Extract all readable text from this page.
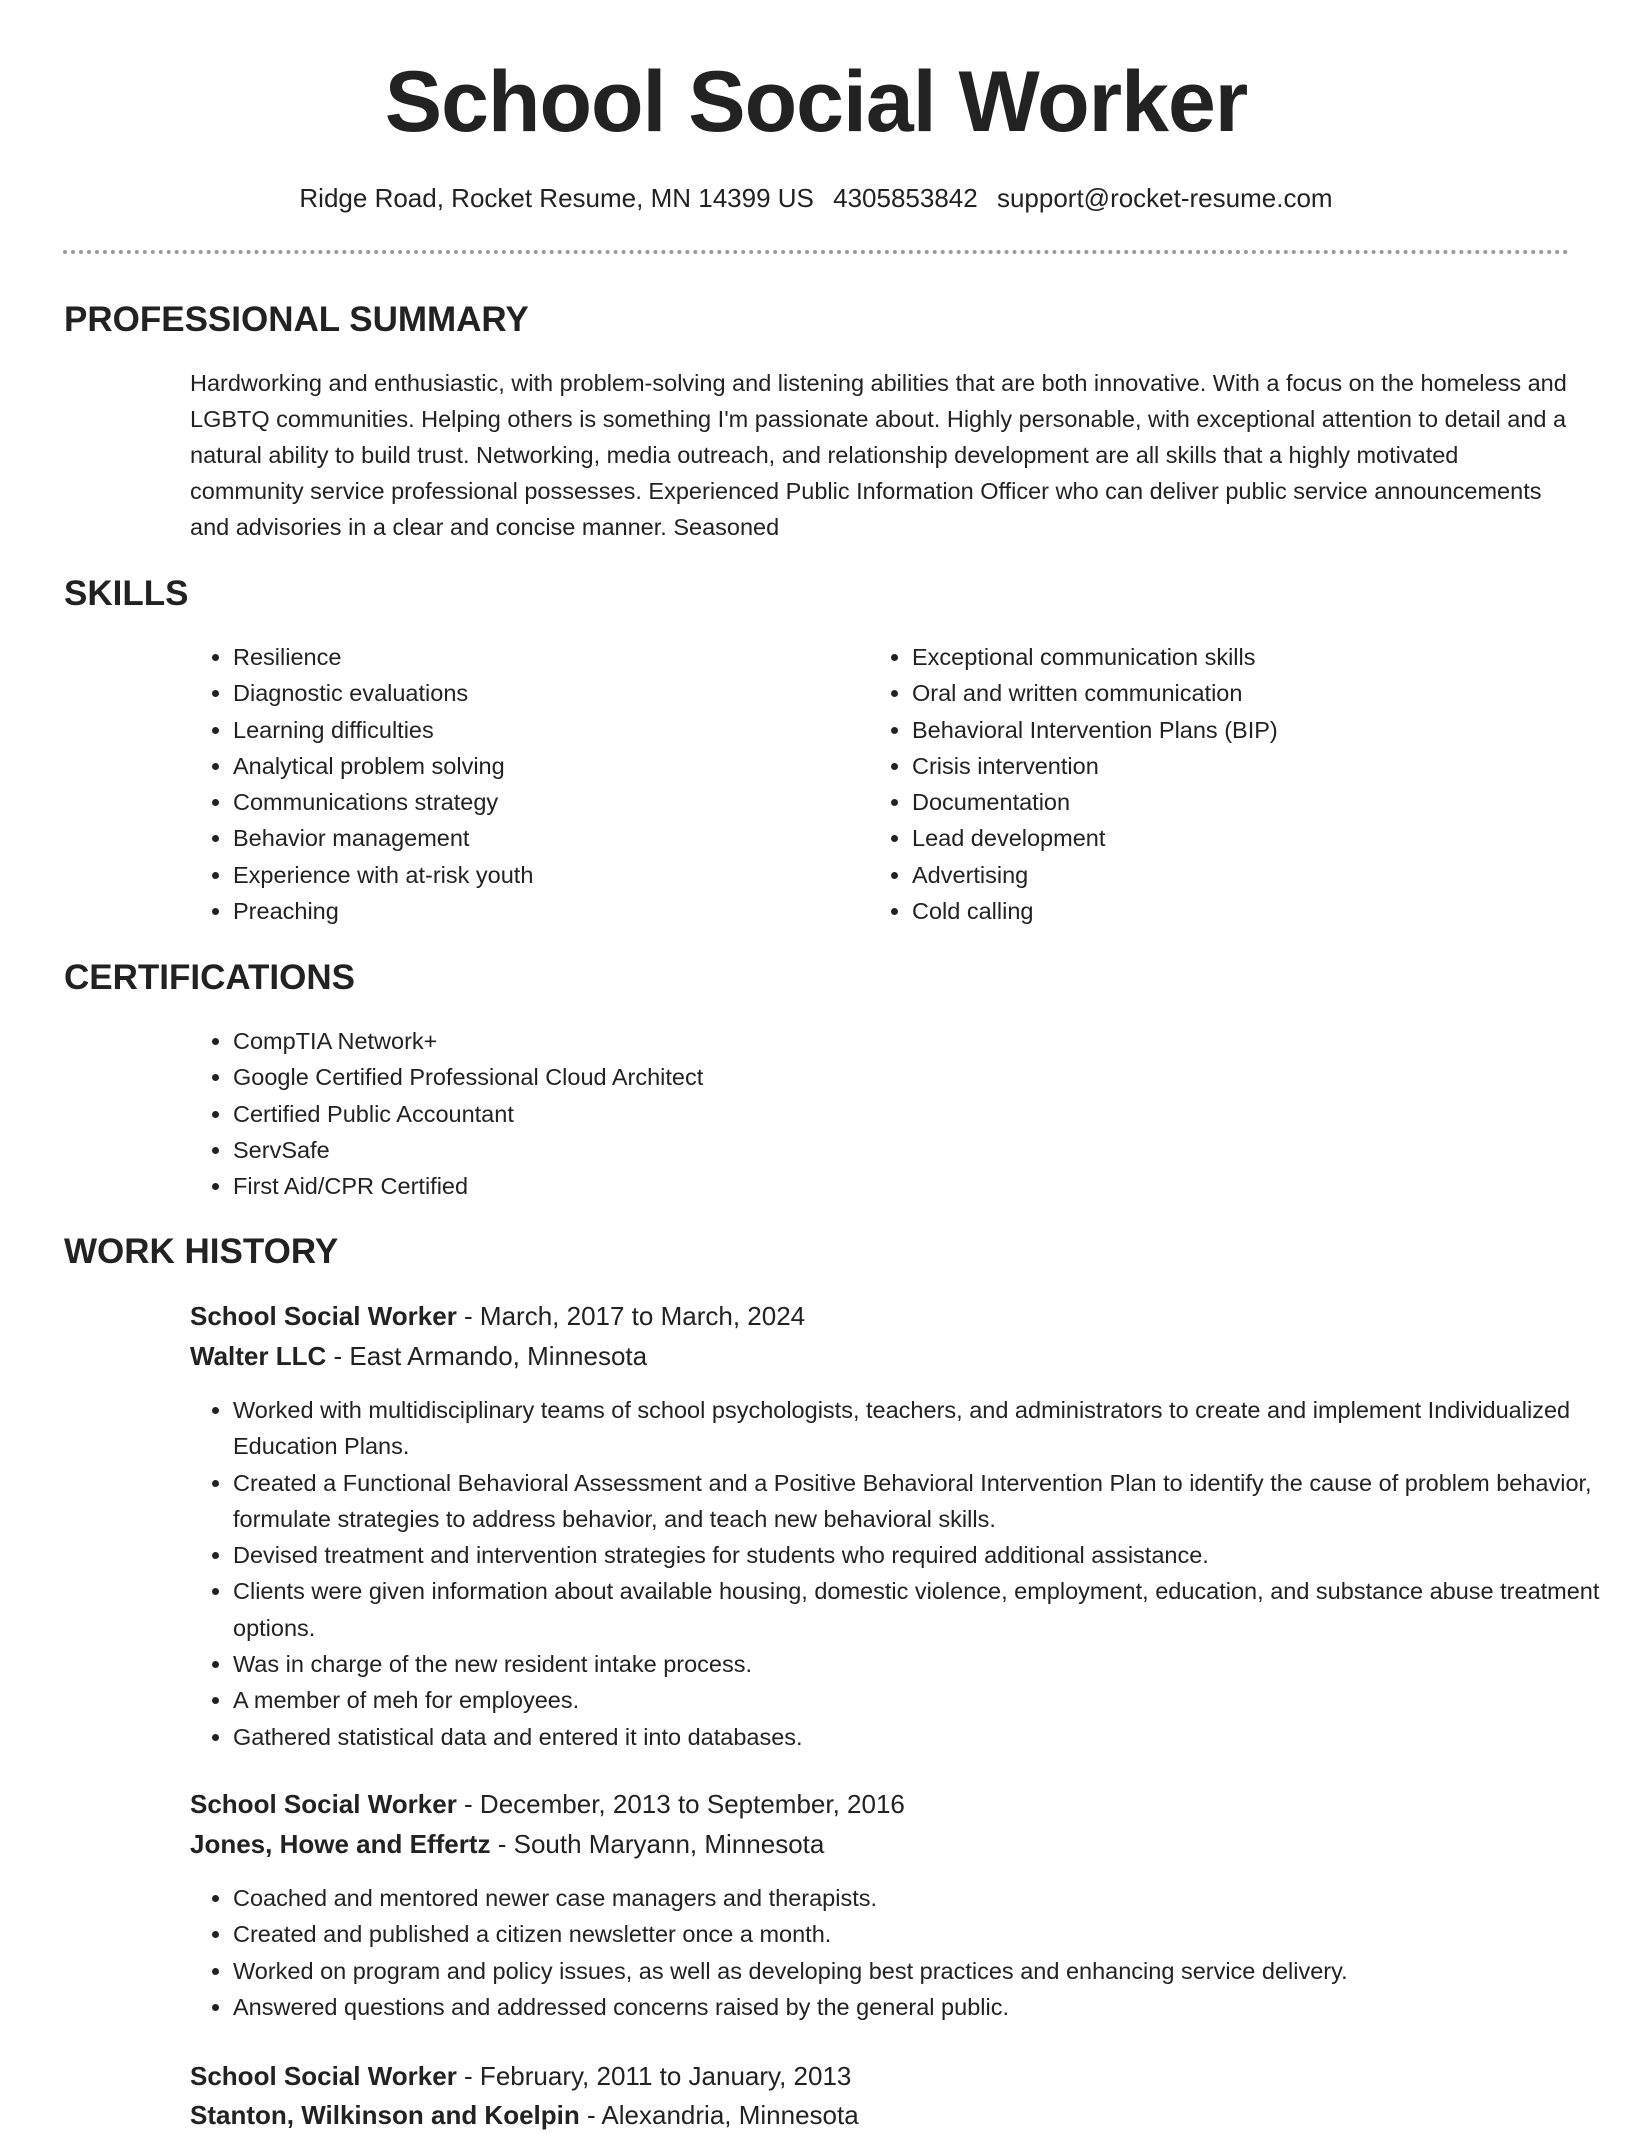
School Social Worker
Ridge Road, Rocket Resume, MN 14399 US 4305853842 support@rocket-resume.com
PROFESSIONAL SUMMARY
Hardworking and enthusiastic, with problem-solving and listening abilities that are both innovative. With a focus on the homeless and LGBTQ communities. Helping others is something I'm passionate about. Highly personable, with exceptional attention to detail and a natural ability to build trust. Networking, media outreach, and relationship development are all skills that a highly motivated community service professional possesses. Experienced Public Information Officer who can deliver public service announcements and advisories in a clear and concise manner. Seasoned
SKILLS
• Resilience
• Diagnostic evaluations
• Learning difficulties
• Analytical problem solving
• Communications strategy
• Behavior management
• Experience with at-risk youth
• Preaching
• Exceptional communication skills
• Oral and written communication
• Behavioral Intervention Plans (BIP)
• Crisis intervention
• Documentation
• Lead development
• Advertising
• Cold calling
CERTIFICATIONS
• CompTIA Network+
• Google Certified Professional Cloud Architect
• Certified Public Accountant
• ServSafe
• First Aid/CPR Certified
WORK HISTORY
School Social Worker - March, 2017 to March, 2024
Walter LLC - East Armando, Minnesota
• Worked with multidisciplinary teams of school psychologists, teachers, and administrators to create and implement Individualized Education Plans.
• Created a Functional Behavioral Assessment and a Positive Behavioral Intervention Plan to identify the cause of problem behavior, formulate strategies to address behavior, and teach new behavioral skills.
• Devised treatment and intervention strategies for students who required additional assistance.
• Clients were given information about available housing, domestic violence, employment, education, and substance abuse treatment options.
• Was in charge of the new resident intake process.
• A member of meh for employees.
• Gathered statistical data and entered it into databases.
School Social Worker - December, 2013 to September, 2016
Jones, Howe and Effertz - South Maryann, Minnesota
• Coached and mentored newer case managers and therapists.
• Created and published a citizen newsletter once a month.
• Worked on program and policy issues, as well as developing best practices and enhancing service delivery.
• Answered questions and addressed concerns raised by the general public.
School Social Worker - February, 2011 to January, 2013
Stanton, Wilkinson and Koelpin - Alexandria, Minnesota
